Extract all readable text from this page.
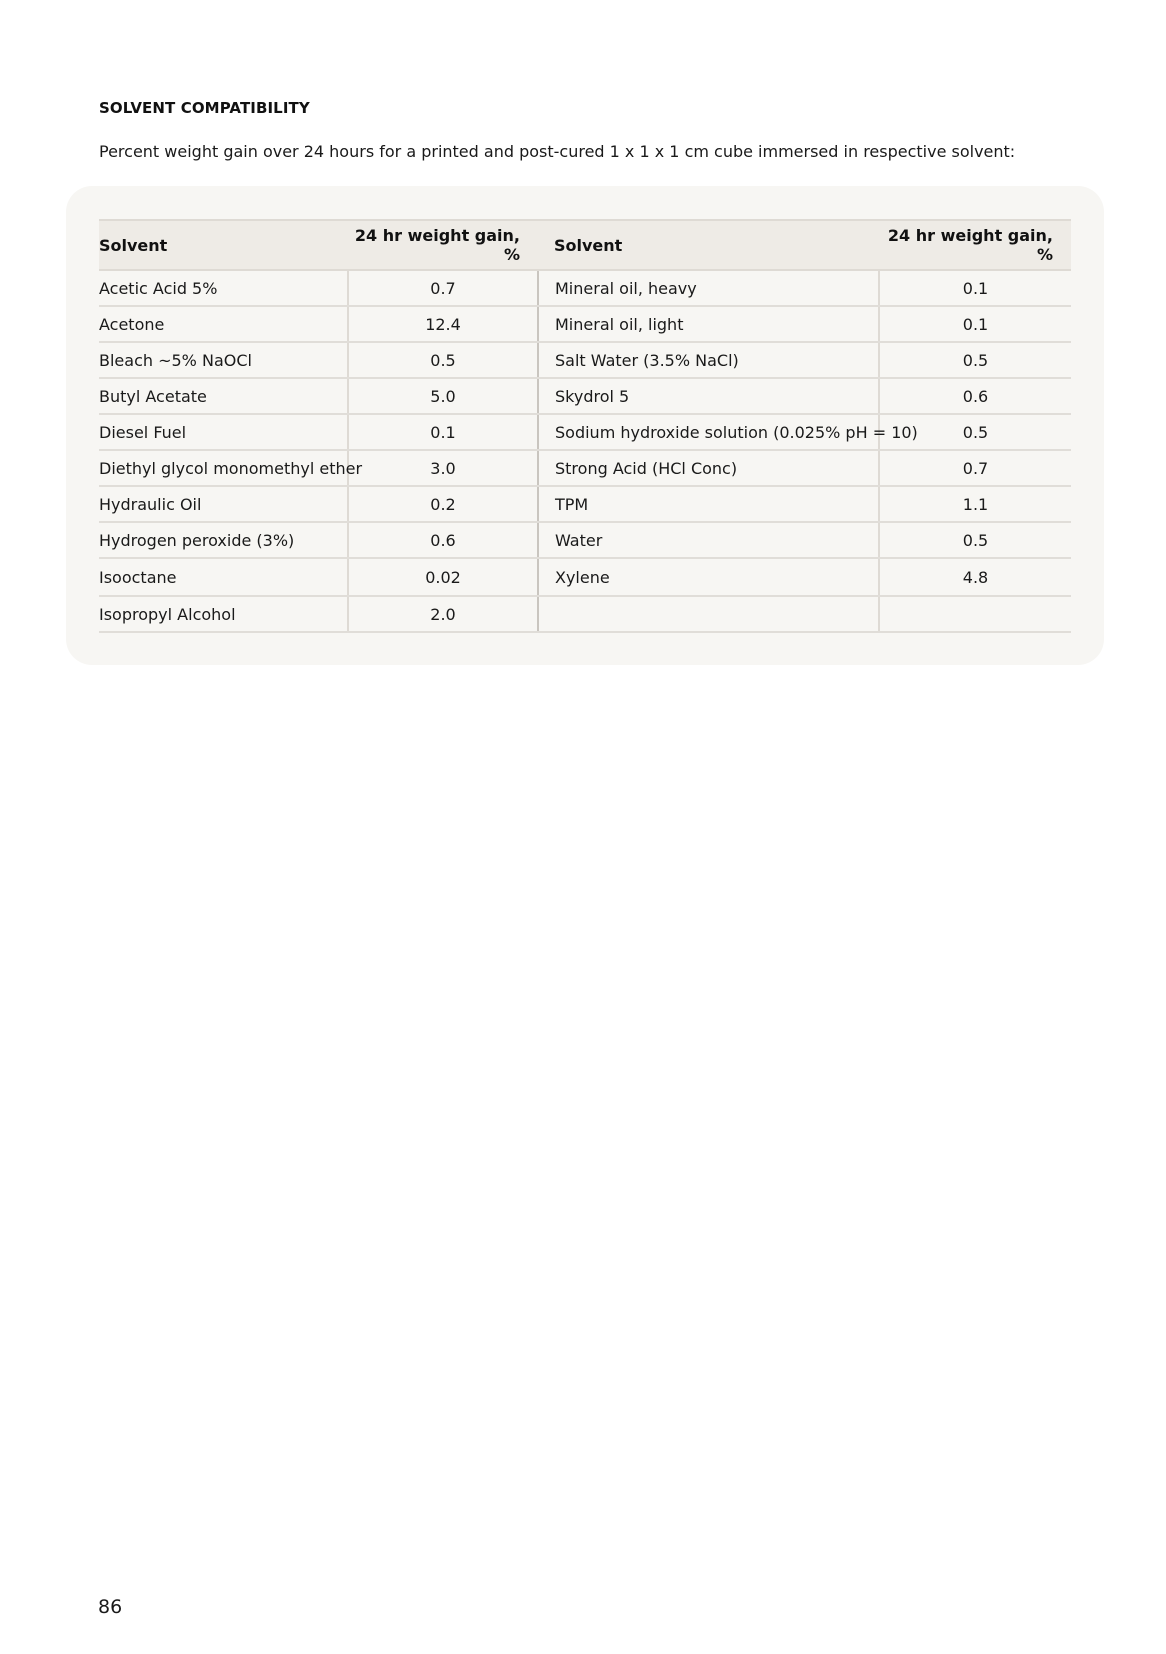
SOLVENT COMPATIBILITY
Percent weight gain over 24 hours for a printed and post-cured 1 x 1 x 1 cm cube immersed in respective solvent:
Solvent	24 hr weight gain, %	Solvent	24 hr weight gain, %
Acetic Acid 5%	0.7	Mineral oil, heavy	0.1
Acetone	12.4	Mineral oil, light	0.1
Bleach ~5% NaOCl	0.5	Salt Water (3.5% NaCl)	0.5
Butyl Acetate	5.0	Skydrol 5	0.6
Diesel Fuel	0.1	Sodium hydroxide solution (0.025% pH = 10)	0.5
Diethyl glycol monomethyl ether	3.0	Strong Acid (HCl Conc)	0.7
Hydraulic Oil	0.2	TPM	1.1
Hydrogen peroxide (3%)	0.6	Water	0.5
Isooctane	0.02	Xylene	4.8
Isopropyl Alcohol	2.0		
86
